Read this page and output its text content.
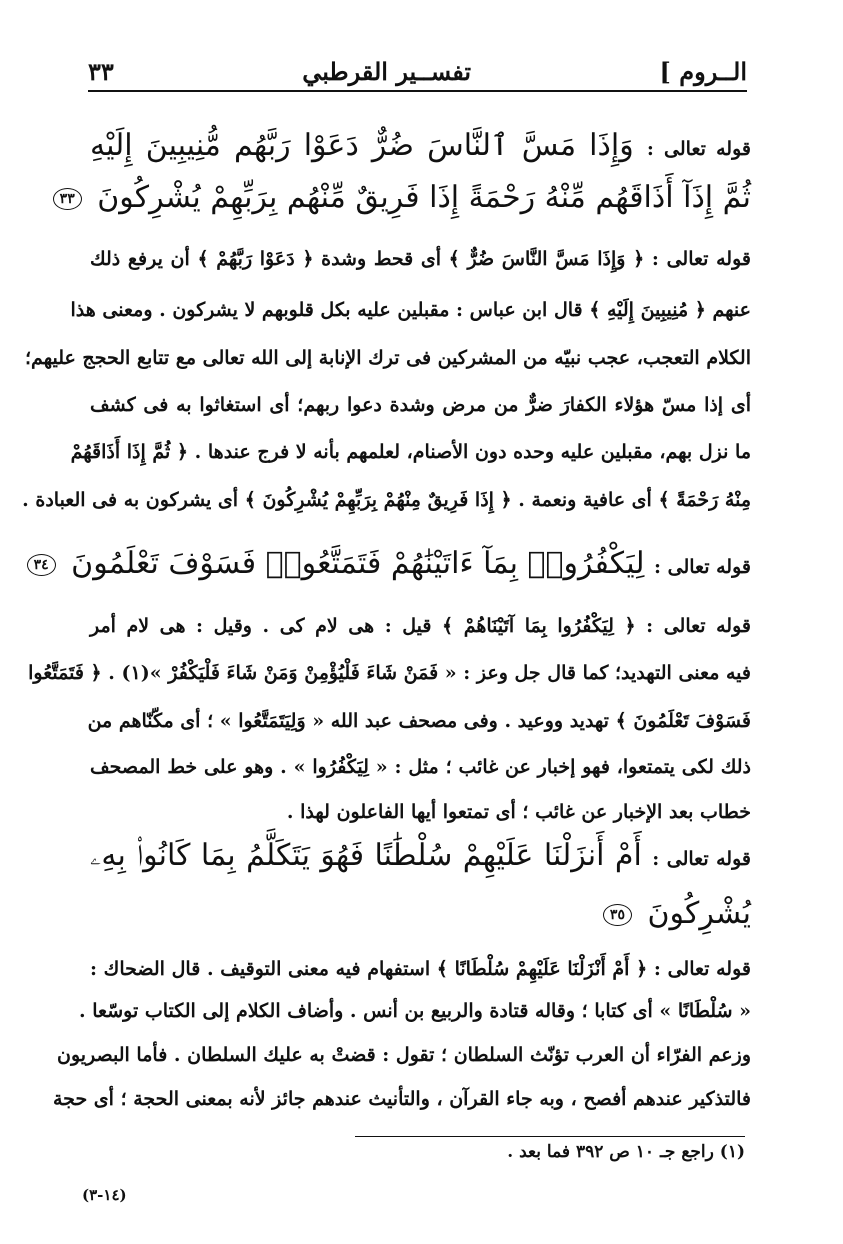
الــروم ]
تفســير القرطبي
٣٣
قوله تعالى : وَإِذَا مَسَّ ٱلنَّاسَ ضُرٌّ دَعَوْا رَبَّهُم مُّنِيبِينَ إِلَيْهِ
ثُمَّ إِذَآ أَذَاقَهُم مِّنْهُ رَحْمَةً إِذَا فَرِيقٌ مِّنْهُم بِرَبِّهِمْ يُشْرِكُونَ ٣٣
قوله تعالى : ﴿ وَإِذَا مَسَّ النَّاسَ ضُرٌّ ﴾ أى قحط وشدة ﴿ دَعَوْا رَبَّهُمْ ﴾ أن يرفع ذلك
عنهم ﴿ مُنِيبِينَ إِلَيْهِ ﴾ قال ابن عباس : مقبلين عليه بكل قلوبهم لا يشركون . ومعنى هذا
الكلام التعجب، عجب نبيّه من المشركين فى ترك الإنابة إلى الله تعالى مع تتابع الحجج عليهم؛
أى إذا مسّ هؤلاء الكفارَ ضرٌّ من مرض وشدة دعوا ربهم؛ أى استغاثوا به فى كشف
ما نزل بهم، مقبلين عليه وحده دون الأصنام، لعلمهم بأنه لا فرج عندها . ﴿ ثُمَّ إِذَا أَذَاقَهُمْ
مِنْهُ رَحْمَةً ﴾ أى عافية ونعمة . ﴿ إِذَا فَرِيقٌ مِنْهُمْ بِرَبِّهِمْ يُشْرِكُونَ ﴾ أى يشركون به فى العبادة .
قوله تعالى : لِيَكْفُرُوا۟ بِمَآ ءَاتَيْنَٰهُمْ فَتَمَتَّعُوا۟ فَسَوْفَ تَعْلَمُونَ ٣٤
قوله تعالى : ﴿ لِيَكْفُرُوا بِمَا آتَيْنَاهُمْ ﴾ قيل : هى لام كى . وقيل : هى لام أمر
فيه معنى التهديد؛ كما قال جل وعز : « فَمَنْ شَاءَ فَلْيُؤْمِنْ وَمَنْ شَاءَ فَلْيَكْفُرْ »(١) . ﴿ فَتَمَتَّعُوا
فَسَوْفَ تَعْلَمُونَ ﴾ تهديد ووعيد . وفى مصحف عبد الله « وَلِيَتَمَتَّعُوا » ؛ أى مكّنّاهم من
ذلك لكى يتمتعوا، فهو إخبار عن غائب ؛ مثل : « لِيَكْفُرُوا » . وهو على خط المصحف
خطاب بعد الإخبار عن غائب ؛ أى تمتعوا أيها الفاعلون لهذا .
قوله تعالى : أَمْ أَنزَلْنَا عَلَيْهِمْ سُلْطَٰنًا فَهُوَ يَتَكَلَّمُ بِمَا كَانُوا۟ بِهِۦ
يُشْرِكُونَ ٣٥
قوله تعالى : ﴿ أَمْ أَنْزَلْنَا عَلَيْهِمْ سُلْطَانًا ﴾ استفهام فيه معنى التوقيف . قال الضحاك :
« سُلْطَانًا » أى كتابا ؛ وقاله قتادة والربيع بن أنس . وأضاف الكلام إلى الكتاب توسّعا .
وزعم الفرّاء أن العرب تؤنّث السلطان ؛ تقول : قضتْ به عليك السلطان . فأما البصريون
فالتذكير عندهم أفصح ، وبه جاء القرآن ، والتأنيث عندهم جائز لأنه بمعنى الحجة ؛ أى حجة
(١) راجع جـ ١٠ ص ٣٩٢ فما بعد .
(١٤-٣)
